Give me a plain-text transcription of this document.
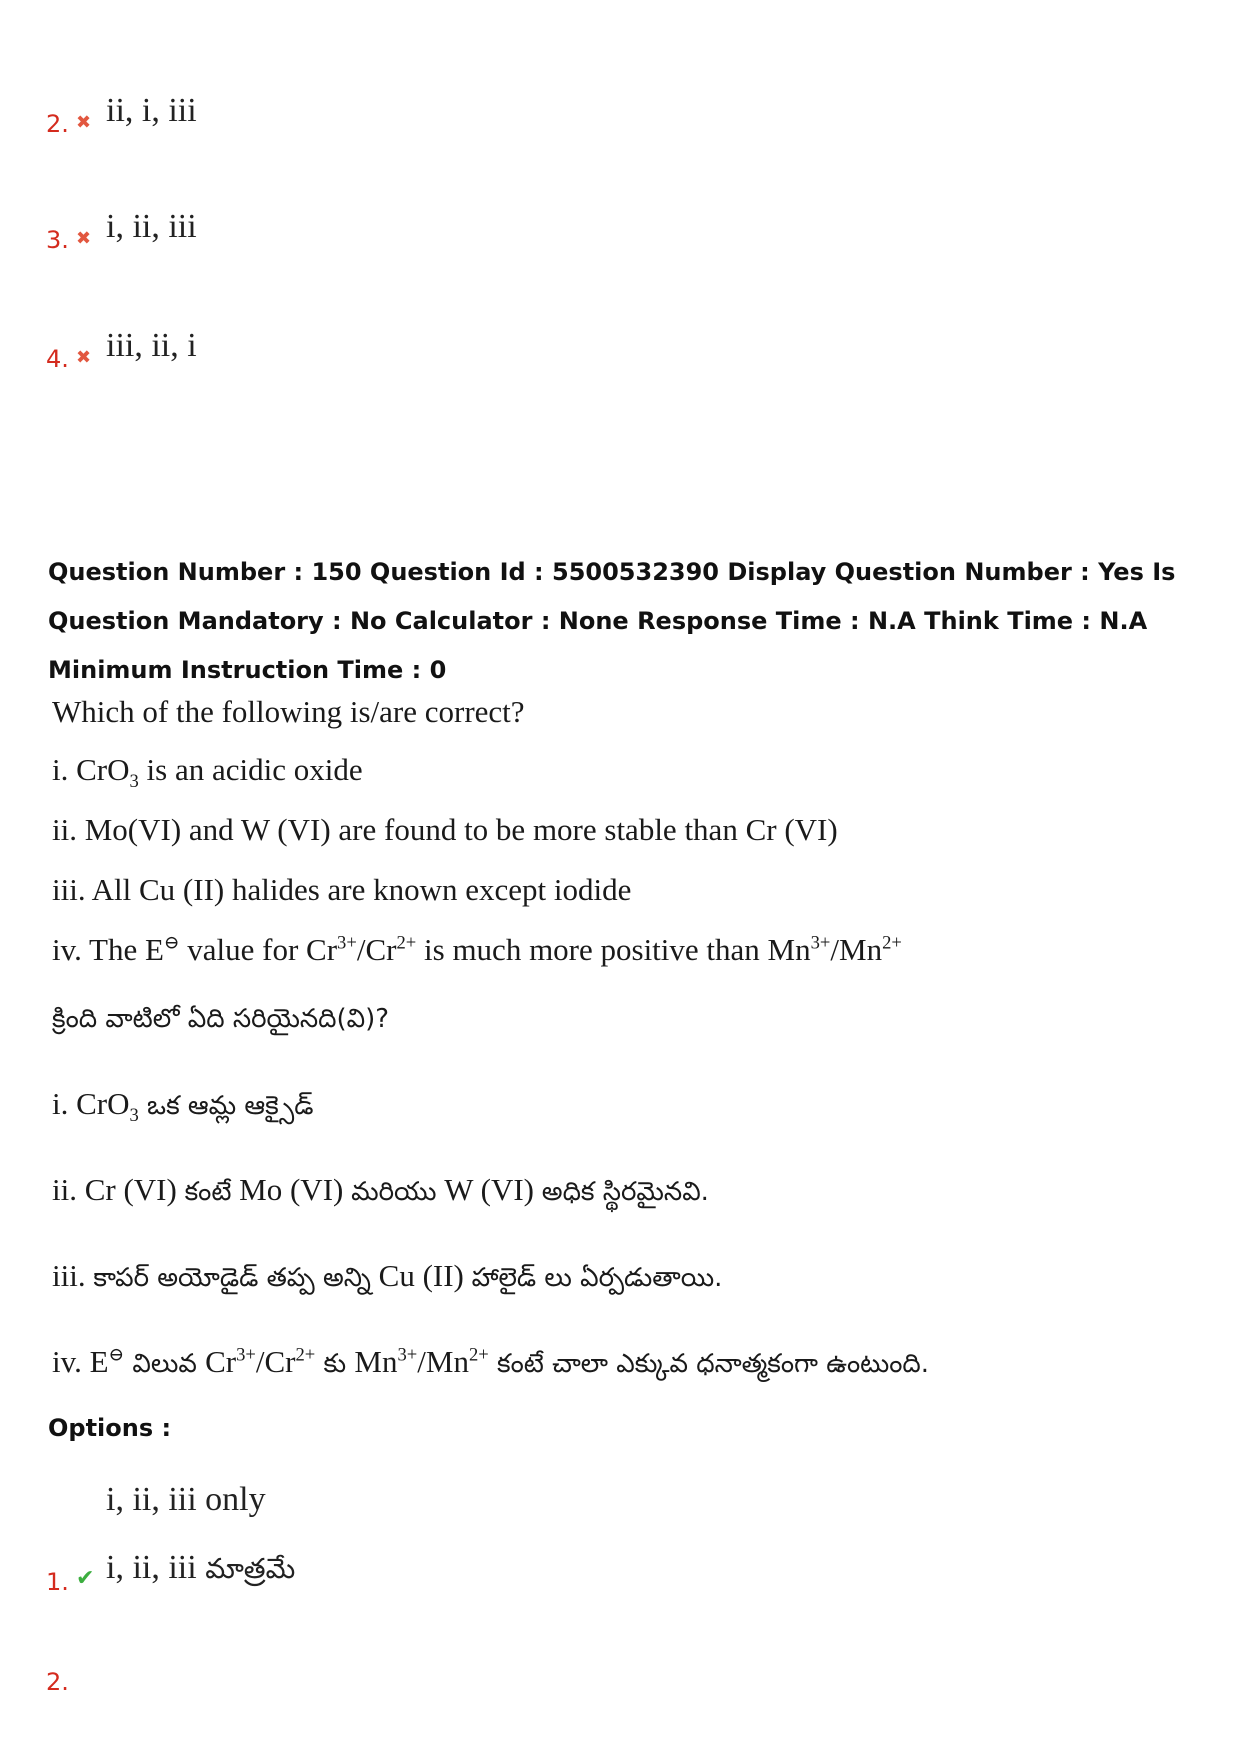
2. ✖ ii, i, iii
3. ✖ i, ii, iii
4. ✖ iii, ii, i
Question Number : 150 Question Id : 5500532390 Display Question Number : Yes Is Question Mandatory : No Calculator : None Response Time : N.A Think Time : N.A Minimum Instruction Time : 0
Which of the following is/are correct?
i. CrO$_3$ is an acidic oxide
ii. Mo(VI) and W (VI) are found to be more stable than Cr (VI)
iii. All Cu (II) halides are known except iodide
iv. The E⊖ value for $Cr^{3+}/Cr^{2+}$ is much more positive than $Mn^{3+}/Mn^{2+}$
క్రింది వాటిలో ఏది సరియైనది(వి)?
i. CrO$_3$ ఒక ఆమ్ల ఆక్సైడ్
ii. Cr (VI) కంటే Mo (VI) మరియు W (VI) అధిక స్థిరమైనవి.
iii. కాపర్ అయోడైడ్ తప్ప అన్ని Cu (II) హాలైడ్ లు ఏర్పడుతాయి.
iv. E⊖ విలువ $Cr^{3+}/Cr^{2+}$ కు $Mn^{3+}/Mn^{2+}$ కంటే చాలా ఎక్కువ ధనాత్మకంగా ఉంటుంది.
Options :
1. ✔
i, ii, iii only
i, ii, iii మాత్రమే
2.
